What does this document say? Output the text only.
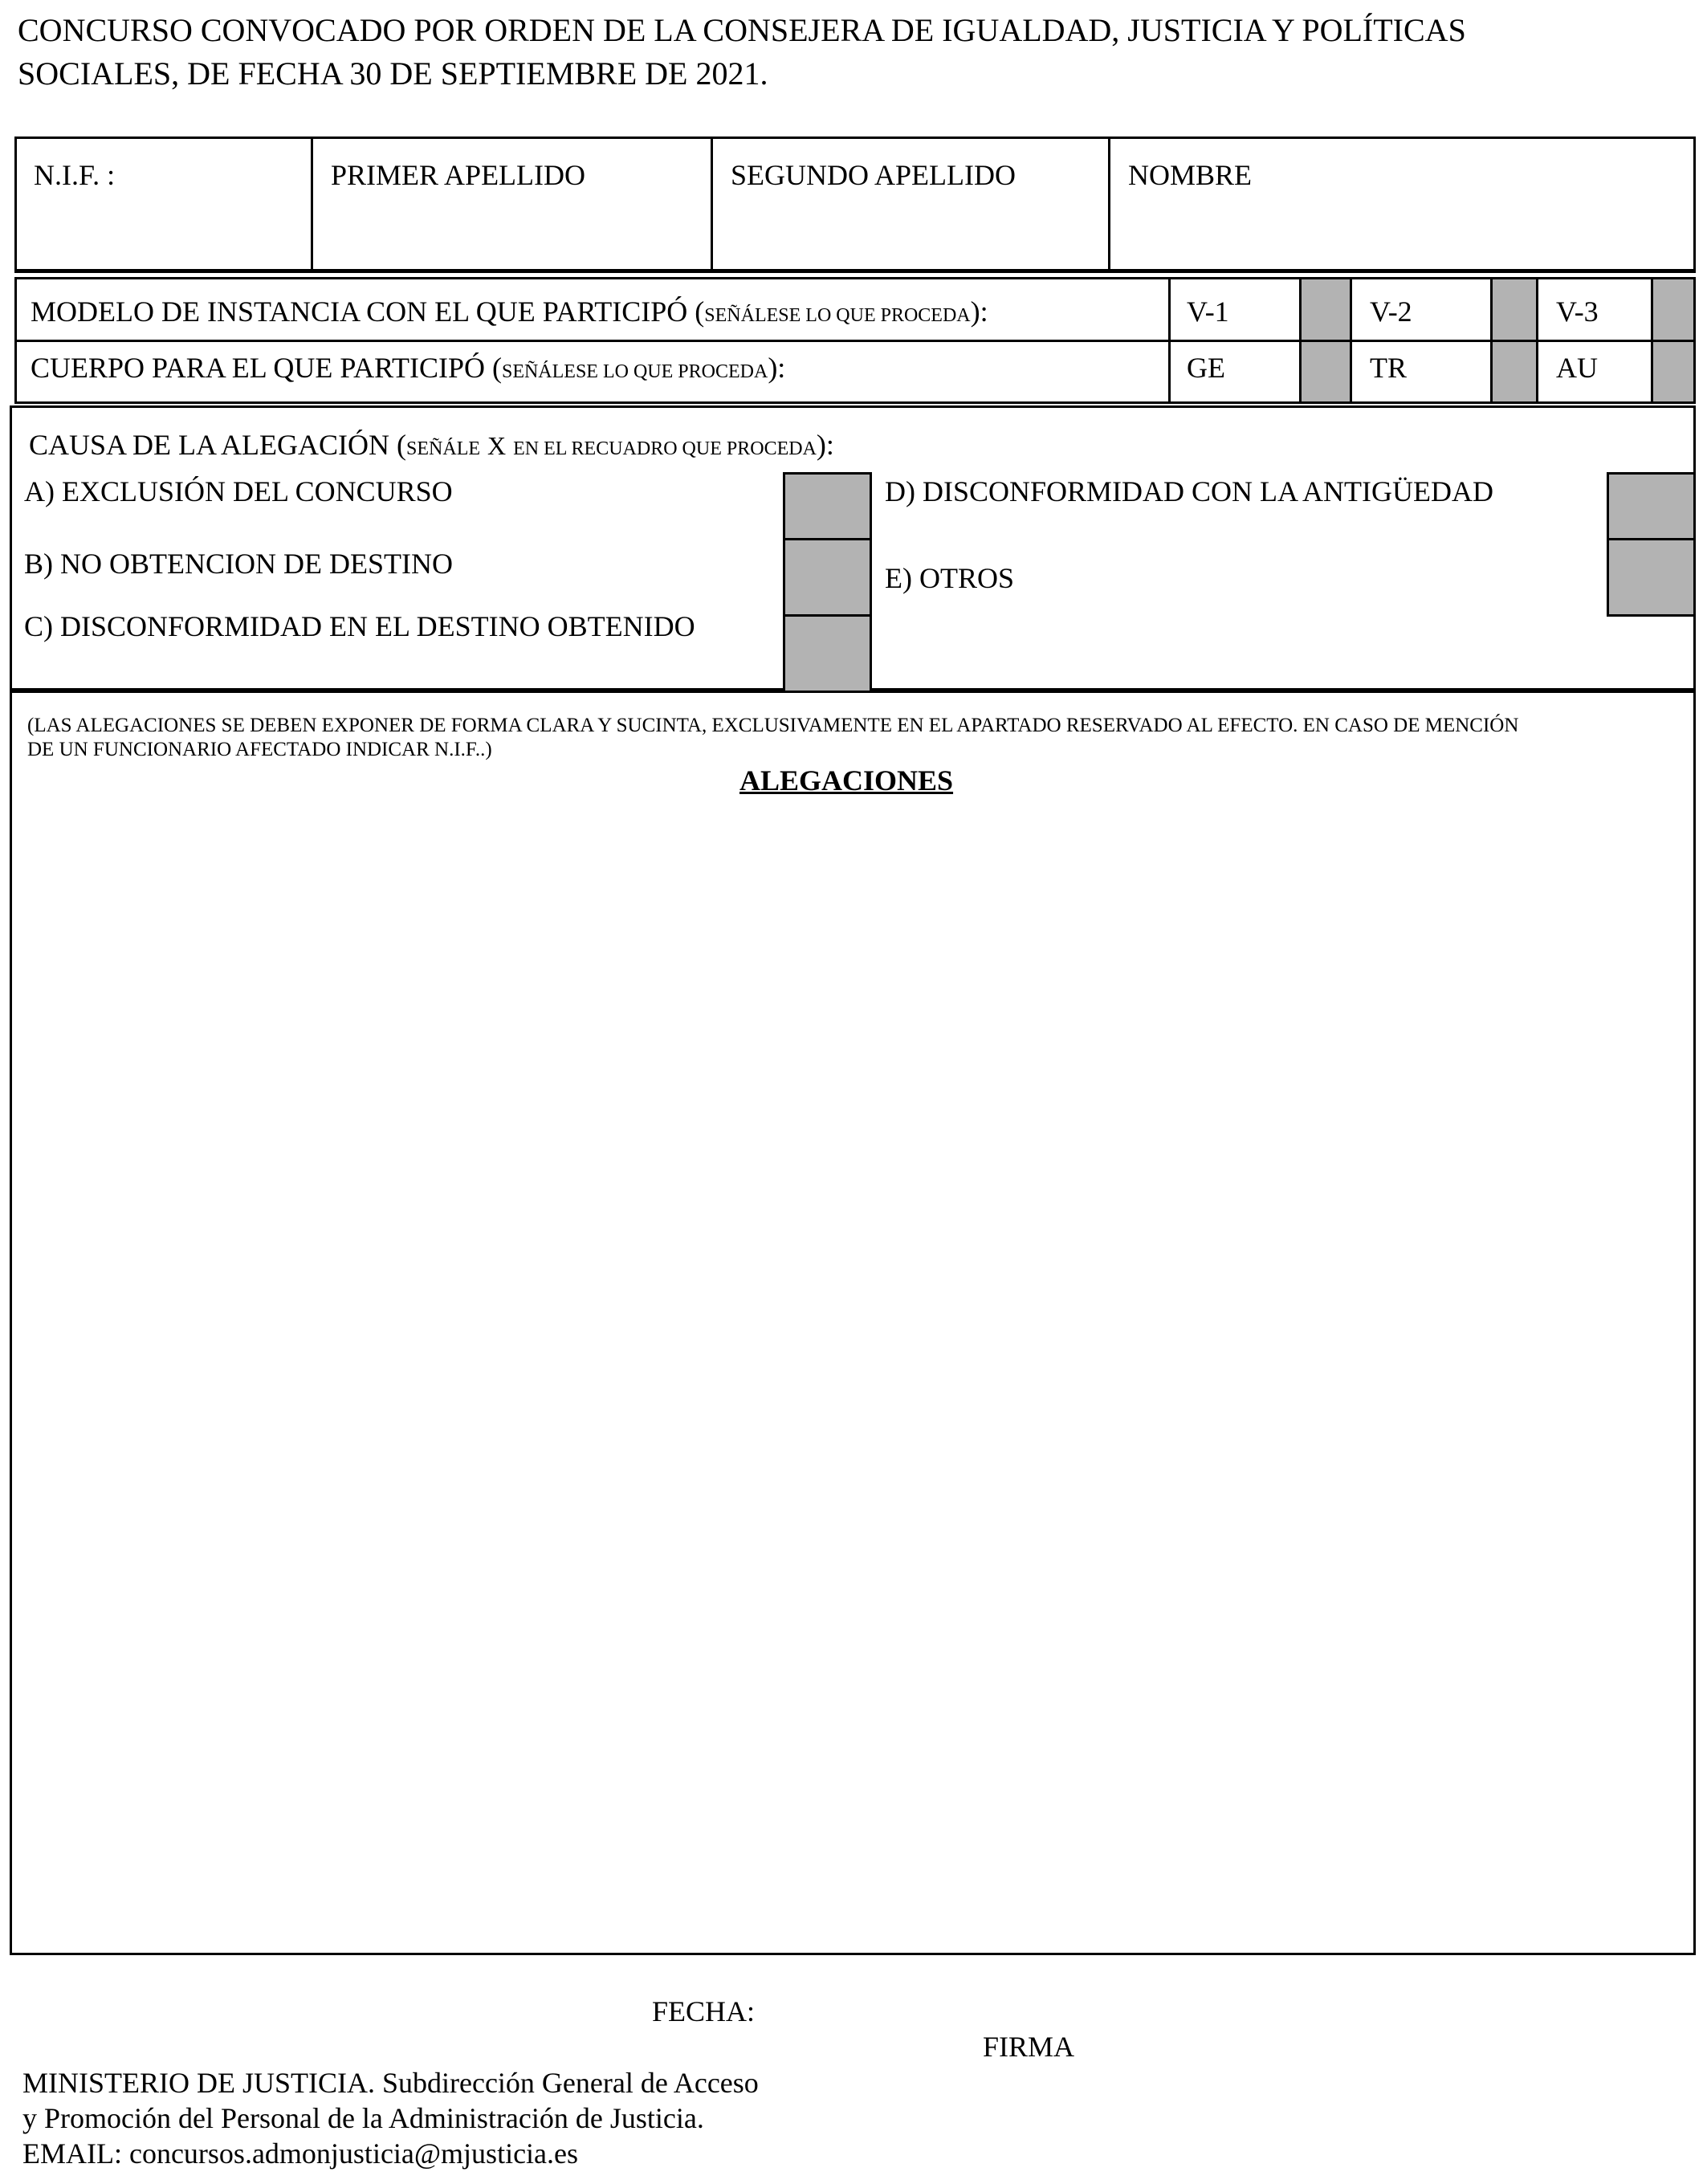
CONCURSO CONVOCADO POR ORDEN DE LA CONSEJERA DE IGUALDAD, JUSTICIA Y POLÍTICAS
SOCIALES, DE FECHA 30 DE SEPTIEMBRE DE 2021.
N.I.F. :	PRIMER APELLIDO	SEGUNDO APELLIDO	NOMBRE
MODELO DE INSTANCIA CON EL QUE PARTICIPÓ (SEÑÁLESE LO QUE PROCEDA):	V-1	V-2	V-3
CUERPO PARA EL QUE PARTICIPÓ (SEÑÁLESE LO QUE PROCEDA):	GE	TR	AU
CAUSA DE LA ALEGACIÓN (SEÑÁLE X EN EL RECUADRO QUE PROCEDA):
A) EXCLUSIÓN DEL CONCURSO
B) NO OBTENCION DE DESTINO
C) DISCONFORMIDAD EN EL DESTINO OBTENIDO
D) DISCONFORMIDAD CON LA ANTIGÜEDAD
E) OTROS
(LAS ALEGACIONES SE DEBEN EXPONER DE FORMA CLARA Y SUCINTA, EXCLUSIVAMENTE EN EL APARTADO RESERVADO AL EFECTO. EN CASO DE MENCIÓN
DE UN FUNCIONARIO AFECTADO INDICAR N.I.F..)
ALEGACIONES
FECHA:
FIRMA
MINISTERIO DE JUSTICIA. Subdirección General de Acceso
y Promoción del Personal de la Administración de Justicia.
EMAIL: concursos.admonjusticia@mjusticia.es
